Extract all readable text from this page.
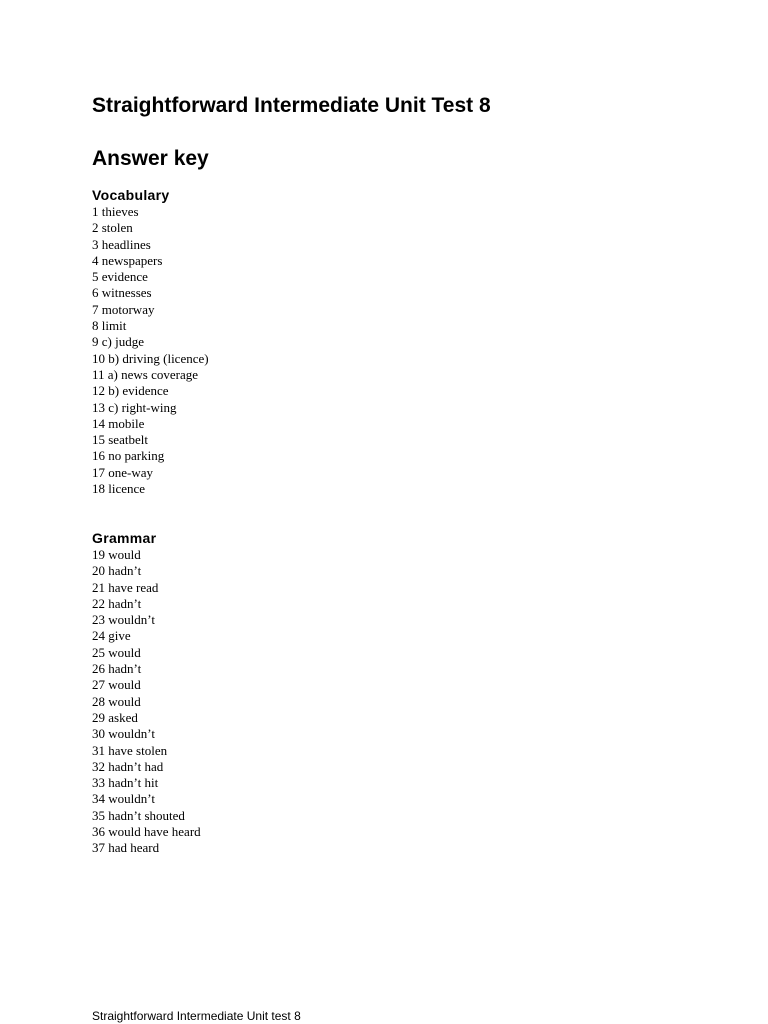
Straightforward Intermediate Unit Test 8
Answer key
Vocabulary
1 thieves
2 stolen
3 headlines
4 newspapers
5 evidence
6 witnesses
7 motorway
8 limit
9 c) judge
10 b) driving (licence)
11 a) news coverage
12 b) evidence
13 c) right-wing
14 mobile
15 seatbelt
16 no parking
17 one-way
18 licence
Grammar
19 would
20 hadn’t
21 have read
22 hadn’t
23 wouldn’t
24 give
25 would
26 hadn’t
27 would
28 would
29 asked
30 wouldn’t
31 have stolen
32 hadn’t had
33 hadn’t hit
34 wouldn’t
35 hadn’t shouted
36 would have heard
37 had heard
Straightforward Intermediate Unit test 8
